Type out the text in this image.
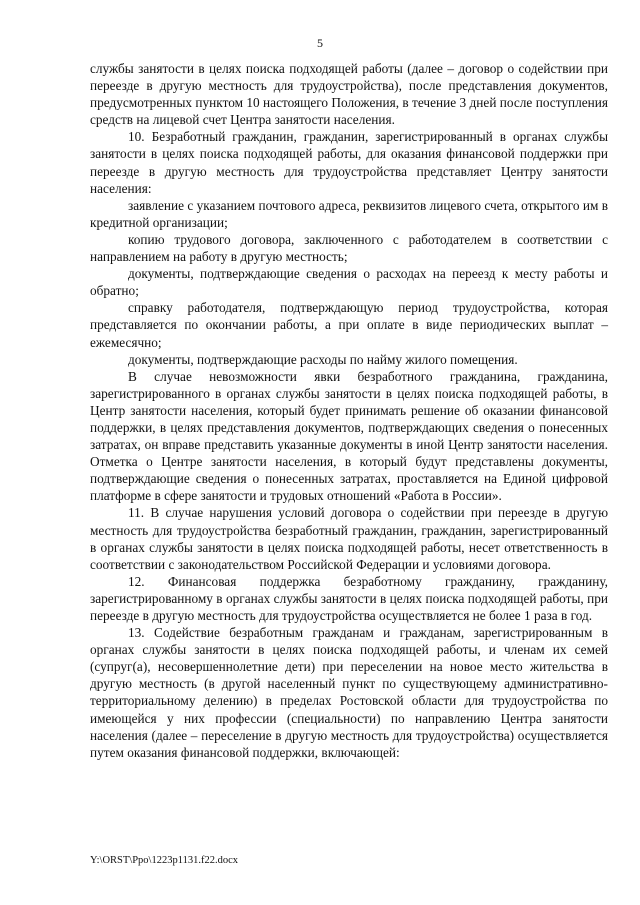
5

службы занятости в целях поиска подходящей работы (далее – договор о содействии при переезде в другую местность для трудоустройства), после представления документов, предусмотренных пунктом 10 настоящего Положения, в течение 3 дней после поступления средств на лицевой счет Центра занятости населения.

10. Безработный гражданин, гражданин, зарегистрированный в органах службы занятости в целях поиска подходящей работы, для оказания финансовой поддержки при переезде в другую местность для трудоустройства представляет Центру занятости населения:

заявление с указанием почтового адреса, реквизитов лицевого счета, открытого им в кредитной организации;

копию трудового договора, заключенного с работодателем в соответствии с направлением на работу в другую местность;

документы, подтверждающие сведения о расходах на переезд к месту работы и обратно;

справку работодателя, подтверждающую период трудоустройства, которая представляется по окончании работы, а при оплате в виде периодических выплат – ежемесячно;

документы, подтверждающие расходы по найму жилого помещения.

В случае невозможности явки безработного гражданина, гражданина, зарегистрированного в органах службы занятости в целях поиска подходящей работы, в Центр занятости населения, который будет принимать решение об оказании финансовой поддержки, в целях представления документов, подтверждающих сведения о понесенных затратах, он вправе представить указанные документы в иной Центр занятости населения. Отметка о Центре занятости населения, в который будут представлены документы, подтверждающие сведения о понесенных затратах, проставляется на Единой цифровой платформе в сфере занятости и трудовых отношений «Работа в России».

11. В случае нарушения условий договора о содействии при переезде в другую местность для трудоустройства безработный гражданин, гражданин, зарегистрированный в органах службы занятости в целях поиска подходящей работы, несет ответственность в соответствии с законодательством Российской Федерации и условиями договора.

12. Финансовая поддержка безработному гражданину, гражданину, зарегистрированному в органах службы занятости в целях поиска подходящей работы, при переезде в другую местность для трудоустройства осуществляется не более 1 раза в год.

13. Содействие безработным гражданам и гражданам, зарегистрированным в органах службы занятости в целях поиска подходящей работы, и членам их семей (супруг(а), несовершеннолетние дети) при переселении на новое место жительства в другую местность (в другой населенный пункт по существующему административно-территориальному делению) в пределах Ростовской области для трудоустройства по имеющейся у них профессии (специальности) по направлению Центра занятости населения (далее – переселение в другую местность для трудоустройства) осуществляется путем оказания финансовой поддержки, включающей:

Y:\ORST\Ppo\1223p1131.f22.docx
